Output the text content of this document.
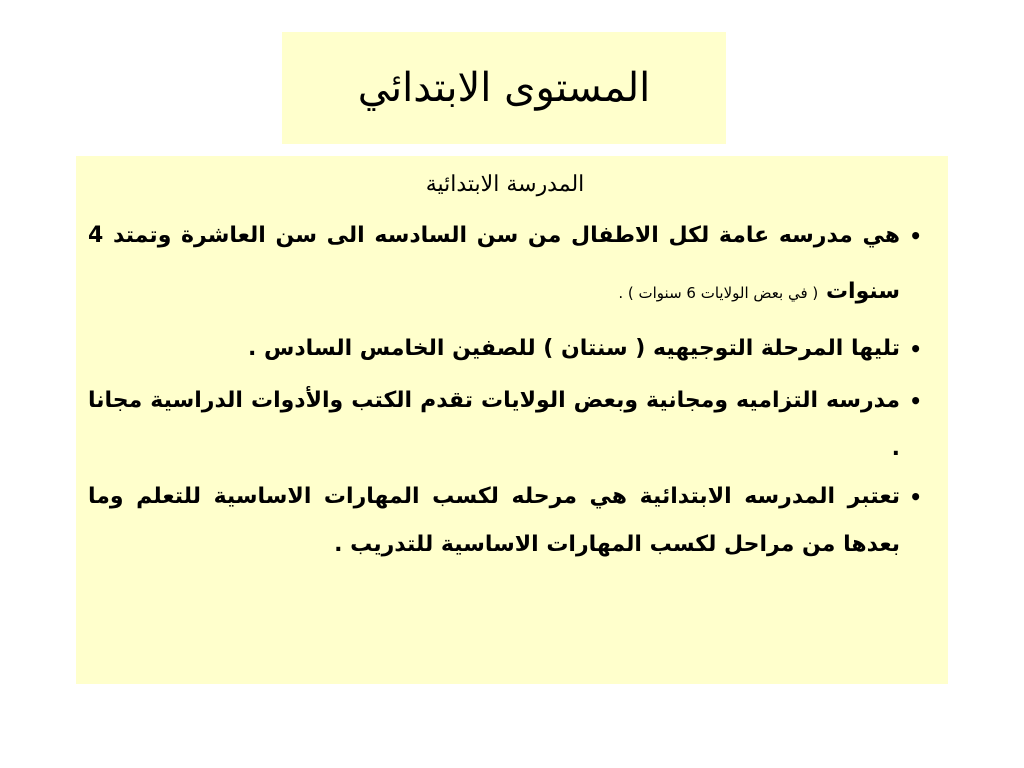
المستوى الابتدائي
المدرسة الابتدائية
•
هي مدرسه عامة لكل الاطفال من سن السادسه الى سن العاشرة وتمتد 4 سنوات ( في بعض الولايات 6 سنوات ) .
•
تليها المرحلة التوجيهيه ( سنتان ) للصفين الخامس السادس .
•
مدرسه التزاميه ومجانية وبعض الولايات تقدم الكتب والأدوات الدراسية مجانا .
•
تعتبر المدرسه الابتدائية هي مرحله لكسب المهارات الاساسية للتعلم وما بعدها من مراحل لكسب المهارات الاساسية للتدريب .
